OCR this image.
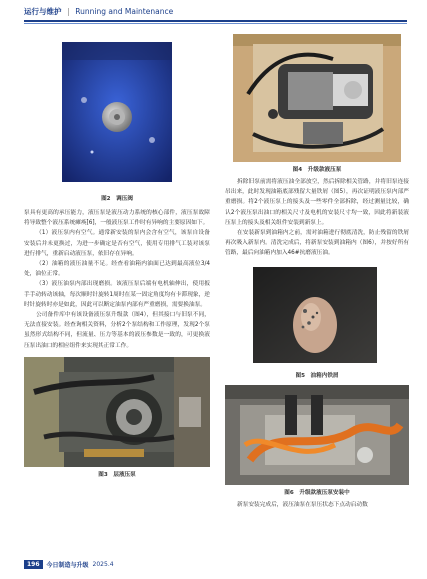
运行与维护 | Running and Maintenance
图2　调压阀

泵具有更高的承压能力，液压泵是液压动力系统的核心部件，液压泵故障将导致整个液压系统瘫痪[6]，一般液压泵工作时有异响的主要原因如下。

（1）液压泵内有空气。通常新安装的泵内会含有空气，该泵自设备安装后并未更换过，为进一步确定是否有空气，使用专用排气工装对该泵进行排气，重新启动液压泵，依旧存在异响。

（2）油箱的液压油量不足。经查看油箱内油面已达到最高液位3/4处，油位正常。

（3）液压油泵内部出现磨损。该液压泵后端有电机轴伸出，使用扳手手动转动该轴，每次顺时针旋转1周时在某一固定角度均有卡滞现象，逆时针旋转时亦是如此，因此可以断定油泵内部有严重磨损，需要换油泵。

公司备件库中有该设备液压泵升级款（图4），但其接口与旧泵不同，无法直接安装。经查询相关资料，分析2个泵结构和工作原理，发现2个泵虽然形式结构不同，但流量、压力等基本的液压参数是一致的，可更换液压泵出油口的相应组件来实现其正常工作。

图3　层液压泵
图4　升级款液压泵

拆除旧泵前需将液压油全部放空，然后拆除相关管路，并将旧泵连接吊出来，此时发现油箱底部残留大量铁屑（图5），再次证明液压泵内部严重磨损。将2个液压泵上的接头及一些零件全部拆除，经过测量比较，确认2个液压泵出油口的相关尺寸及电机的安装尺寸均一致，因此将新装液压泵上的接头及相关组件安装到新泵上。

在安装新泵到油箱内之前，需对油箱进行彻底清洗，防止残留的铁屑再次吸入新泵内。清洗完成后，将新泵安装到油箱内（图6），并按好所有管路，最后向油箱内加入46#抗磨液压油。

图5　油箱内铁屑
图6　升级款液压泵安装中

新泵安装完成后，液压油泵在泵压状态下点动启动数

196	今日制造与升级 2025.4
